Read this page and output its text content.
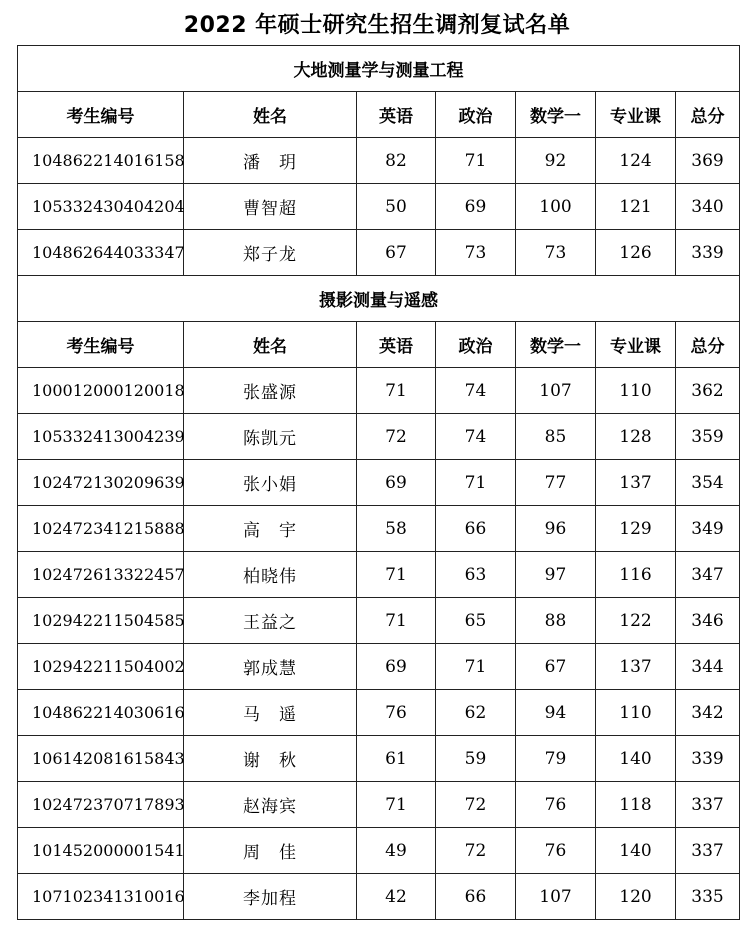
2022 年硕士研究生招生调剂复试名单
大地测量学与测量工程						
考生编号	姓名	英语	政治	数学一	专业课	总分
104862214016158	潘　玥	82	71	92	124	369
105332430404204	曹智超	50	69	100	121	340
104862644033347	郑子龙	67	73	73	126	339
摄影测量与遥感						
考生编号	姓名	英语	政治	数学一	专业课	总分
100012000120018	张盛源	71	74	107	110	362
105332413004239	陈凯元	72	74	85	128	359
102472130209639	张小娟	69	71	77	137	354
102472341215888	高　宇	58	66	96	129	349
102472613322457	柏晓伟	71	63	97	116	347
102942211504585	王益之	71	65	88	122	346
102942211504002	郭成慧	69	71	67	137	344
104862214030616	马　遥	76	62	94	110	342
106142081615843	谢　秋	61	59	79	140	339
102472370717893	赵海宾	71	72	76	118	337
101452000001541	周　佳	49	72	76	140	337
107102341310016	李加程	42	66	107	120	335
